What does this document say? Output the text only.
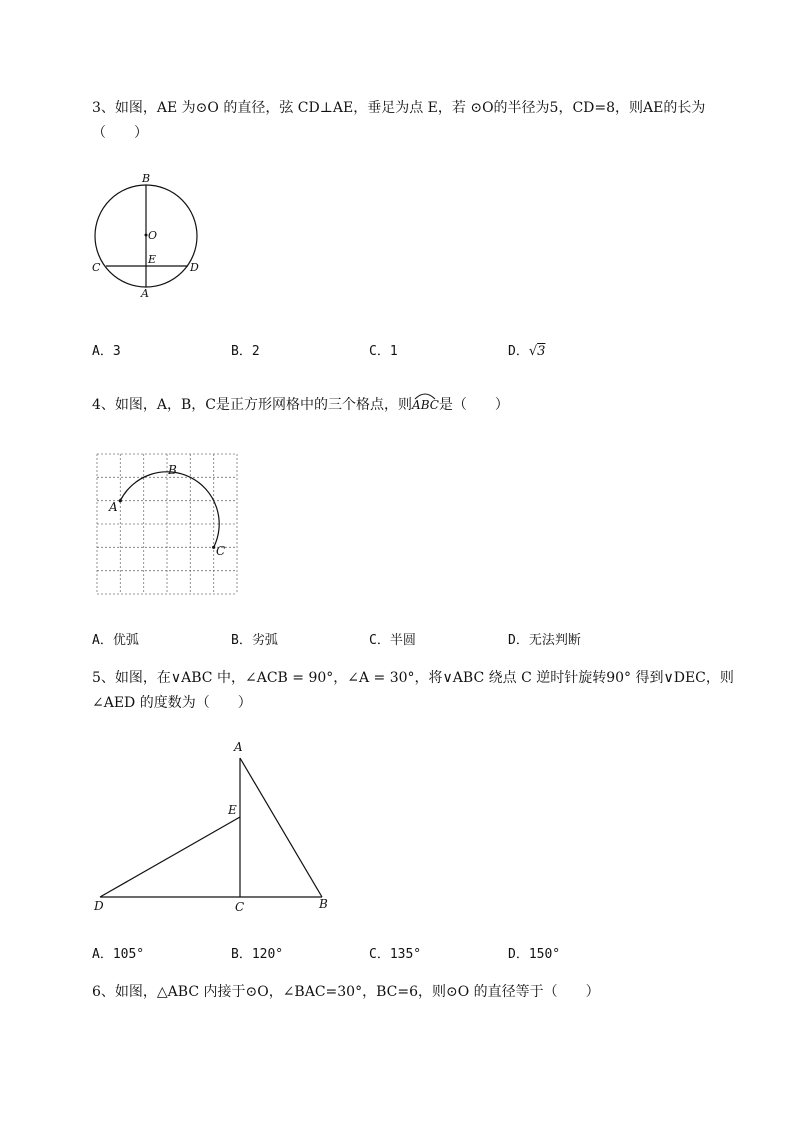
3、如图，AE 为⊙O 的直径，弦 CD⊥AE，垂足为点 E，若 ⊙O的半径为5，CD=8，则AE的长为
（　　）
B
O
C
E
D
A
A．3	B．2	C．1	D．√3
4、如图，A，B，C是正方形网格中的三个格点，则
ABC是（　　）
B
A
C
A．优弧	B．劣弧	C．半圆	D．无法判断
5、如图，在∨ABC 中，∠ACB = 90°，∠A = 30°，将∨ABC 绕点 C 逆时针旋转90° 得到∨DEC，则
∠AED 的度数为（　　）
A
E
D	C	B
A．105°	B．120°	C．135°	D．150°
6、如图，△ABC 内接于⊙O，∠BAC=30°，BC=6，则⊙O 的直径等于（　　）
